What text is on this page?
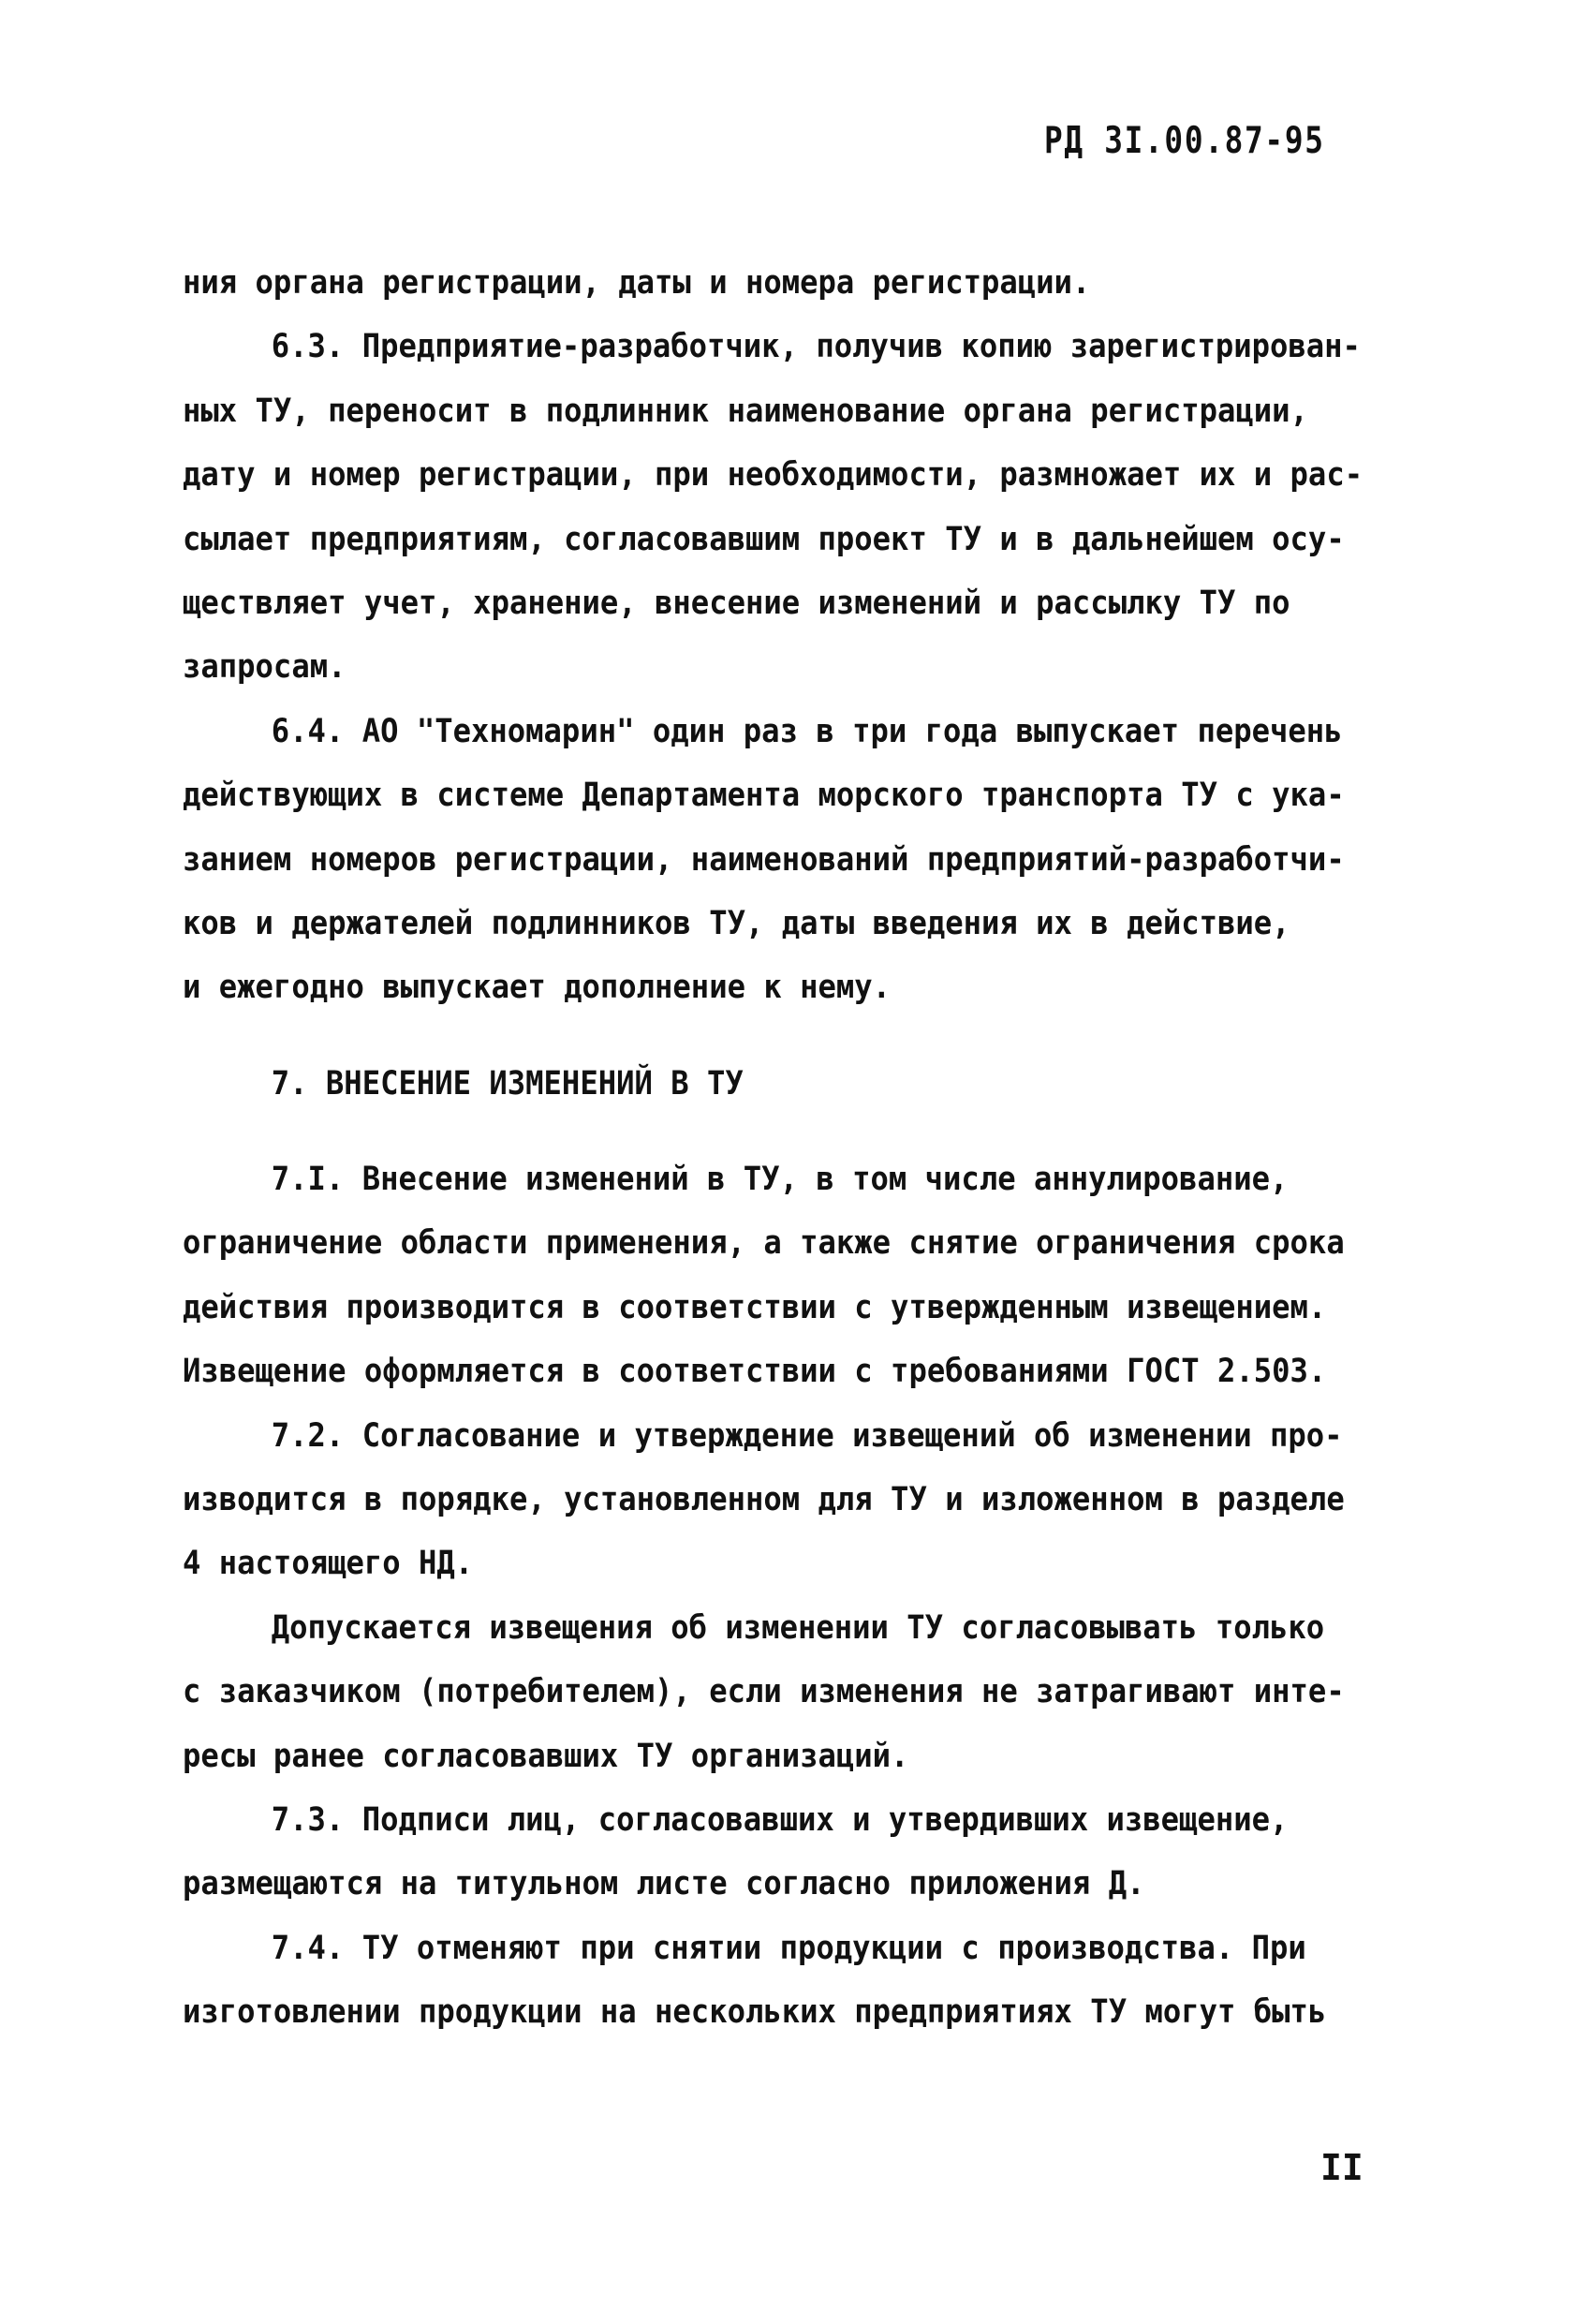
РД 3I.00.87-95
ния органа регистрации, даты и номера регистрации.
6.3. Предприятие-разработчик, получив копию зарегистрирован-
ных ТУ, переносит в подлинник наименование органа регистрации,
дату и номер регистрации, при необходимости, размножает их и рас-
сылает предприятиям, согласовавшим проект ТУ и в дальнейшем осу-
ществляет учет, хранение, внесение изменений и рассылку ТУ по
запросам.
6.4. АО "Техномарин" один раз в три года выпускает перечень
действующих в системе Департамента морского транспорта ТУ с ука-
занием номеров регистрации, наименований предприятий-разработчи-
ков и держателей подлинников ТУ, даты введения их в действие,
и ежегодно выпускает дополнение к нему.
7. ВНЕСЕНИЕ ИЗМЕНЕНИЙ В ТУ
7.I. Внесение изменений в ТУ, в том числе аннулирование,
ограничение области применения, а также снятие ограничения срока
действия производится в соответствии с утвержденным извещением.
Извещение оформляется в соответствии с требованиями ГОСТ 2.503.
7.2. Согласование и утверждение извещений об изменении про-
изводится в порядке, установленном для ТУ и изложенном в разделе
4 настоящего НД.
Допускается извещения об изменении ТУ согласовывать только
с заказчиком (потребителем), если изменения не затрагивают инте-
ресы ранее согласовавших ТУ организаций.
7.3. Подписи лиц, согласовавших и утвердивших извещение,
размещаются на титульном листе согласно приложения Д.
7.4. ТУ отменяют при снятии продукции с производства. При
изготовлении продукции на нескольких предприятиях ТУ могут быть
II
